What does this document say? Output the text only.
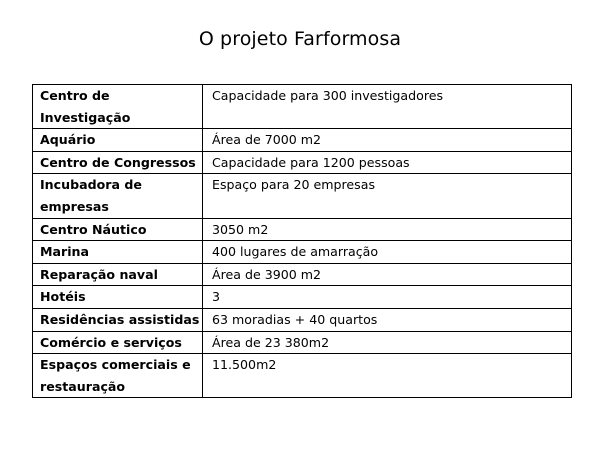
O projeto Farformosa
Centro de Investigação	Capacidade para 300 investigadores
Aquário	Área de 7000 m2
Centro de Congressos	Capacidade para 1200 pessoas
Incubadora de empresas	Espaço para 20 empresas
Centro Náutico	3050 m2
Marina	400 lugares de amarração
Reparação naval	Área de 3900 m2
Hotéis	3
Residências assistidas	63 moradias + 40 quartos
Comércio e serviços	Área de 23 380m2
Espaços comerciais e restauração	11.500m2
